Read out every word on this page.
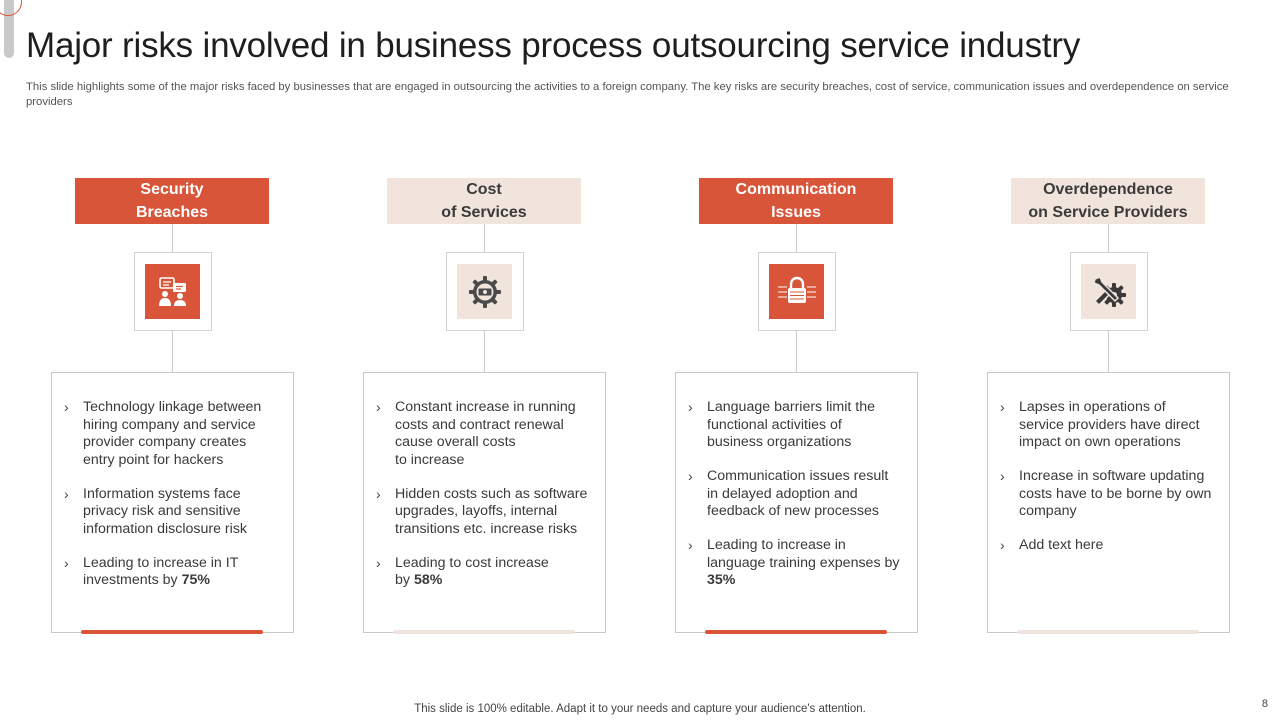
Major risks involved in business process outsourcing service industry
This slide highlights some of the major risks faced by businesses that are engaged in outsourcing the activities to a foreign company. The key risks are security breaches, cost of service, communication issues and overdependence on service providers
Security
Breaches
› Technology linkage between hiring company and service provider company creates entry point for hackers
› Information systems face privacy risk and sensitive information disclosure risk
› Leading to increase in IT investments by 75%
Cost
of Services
› Constant increase in running costs and contract renewal cause overall costs
to increase
› Hidden costs such as software upgrades, layoffs, internal transitions etc. increase risks
› Leading to cost increase
by 58%
Communication
Issues
› Language barriers limit the functional activities of business organizations
› Communication issues result in delayed adoption and feedback of new processes
› Leading to increase in language training expenses by 35%
Overdependence
on Service Providers
› Lapses in operations of service providers have direct impact on own operations
› Increase in software updating costs have to be borne by own company
› Add text here
This slide is 100% editable. Adapt it to your needs and capture your audience's attention.	8
